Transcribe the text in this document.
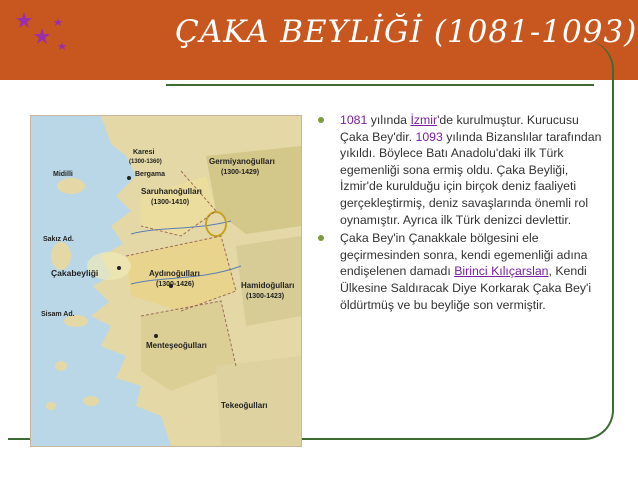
ÇAKA BEYLİĞİ (1081-1093)
Germiyanoğulları
(1300-1429)
Saruhanoğulları
(1300-1410)
Karesi
(1300-1360)
Bergama
Çakabeyliği	Aydınoğulları
(1300-1426)	Hamidoğulları
(1300-1423)
Menteşeoğulları
Tekeoğulları
Sisam Ad.
Sakız Ad.
Midilli
1081 yılında İzmir'de kurulmuştur. Kurucusu Çaka Bey'dir. 1093 yılında Bizanslılar tarafından yıkıldı. Böylece Batı Anadolu'daki ilk Türk egemenliği sona ermiş oldu. Çaka Beyliği, İzmir'de kurulduğu için birçok deniz faaliyeti gerçekleştirmiş, deniz savaşlarında önemli rol oynamıştır. Ayrıca ilk Türk denizci devlettir.
Çaka Bey'in Çanakkale bölgesini ele geçirmesinden sonra, kendi egemenliği adına endişelenen damadı Birinci Kılıçarslan, Kendi Ülkesine Saldıracak Diye Korkarak Çaka Bey'i öldürtmüş ve bu beyliğe son vermiştir.
